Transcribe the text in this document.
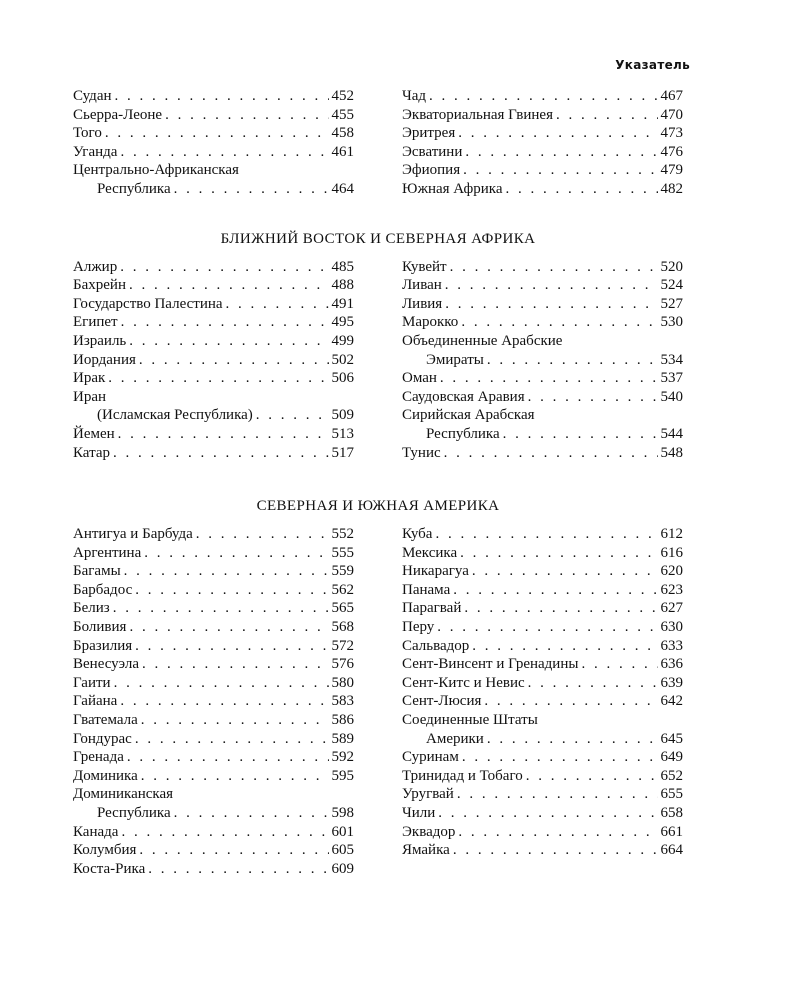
Указатель
Судан . . .	452
Сьерра-Леоне . . .	455
Того . . .	458
Уганда . . .	461
Центрально-Африканская
Республика . . .	464
Чад . . .	467
Экваториальная Гвинея . . .	470
Эритрея . . .	473
Эсватини . . .	476
Эфиопия . . .	479
Южная Африка . . .	482
БЛИЖНИЙ ВОСТОК И СЕВЕРНАЯ АФРИКА
Алжир . . .	485
Бахрейн . . .	488
Государство Палестина . . .	491
Египет . . .	495
Израиль . . .	499
Иордания . . .	502
Ирак . . .	506
Иран
(Исламская Республика) . . .	509
Йемен . . .	513
Катар . . .	517
Кувейт . . .	520
Ливан . . .	524
Ливия . . .	527
Марокко . . .	530
Объединенные Арабские
Эмираты . . .	534
Оман . . .	537
Саудовская Аравия . . .	540
Сирийская Арабская
Республика . . .	544
Тунис . . .	548
СЕВЕРНАЯ И ЮЖНАЯ АМЕРИКА
Антигуа и Барбуда . . .	552
Аргентина . . .	555
Багамы . . .	559
Барбадос . . .	562
Белиз . . .	565
Боливия . . .	568
Бразилия . . .	572
Венесуэла . . .	576
Гаити . . .	580
Гайана . . .	583
Гватемала . . .	586
Гондурас . . .	589
Гренада . . .	592
Доминика . . .	595
Доминиканская
Республика . . .	598
Канада . . .	601
Колумбия . . .	605
Коста-Рика . . .	609
Куба . . .	612
Мексика . . .	616
Никарагуа . . .	620
Панама . . .	623
Парагвай . . .	627
Перу . . .	630
Сальвадор . . .	633
Сент-Винсент и Гренадины . . .	636
Сент-Китс и Невис . . .	639
Сент-Люсия . . .	642
Соединенные Штаты
Америки . . .	645
Суринам . . .	649
Тринидад и Тобаго . . .	652
Уругвай . . .	655
Чили . . .	658
Эквадор . . .	661
Ямайка . . .	664
